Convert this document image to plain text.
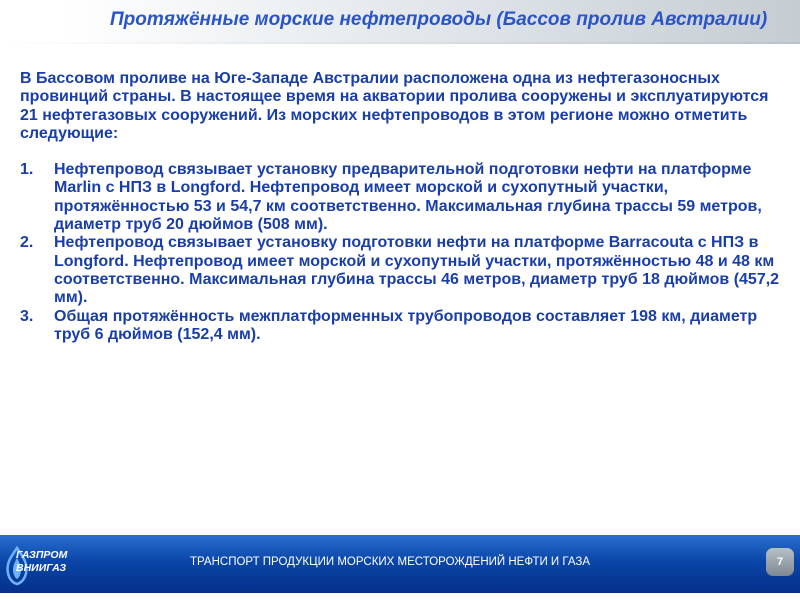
Протяжённые морские нефтепроводы (Бассов пролив Австралии)

В Бассовом проливе на Юге-Западе Австралии расположена одна из нефтегазоносных провинций страны. В настоящее время на акватории пролива сооружены и эксплуатируются 21 нефтегазовых сооружений. Из морских нефтепроводов в этом регионе можно отметить следующие:

1. Нефтепровод связывает установку предварительной подготовки нефти на платформе Marlin с НПЗ в Longford. Нефтепровод имеет морской и сухопутный участки, протяжённостью 53 и 54,7 км соответственно. Максимальная глубина трассы 59 метров, диаметр труб 20 дюймов (508 мм).
2. Нефтепровод связывает установку подготовки нефти на платформе Barracouta с НПЗ в Longford. Нефтепровод имеет морской и сухопутный участки, протяжённостью 48 и 48 км соответственно. Максимальная глубина трассы 46 метров, диаметр труб 18 дюймов (457,2 мм).
3. Общая протяжённость межплатформенных трубопроводов составляет 198 км, диаметр труб 6 дюймов (152,4 мм).
ГАЗПРОМ
ВНИИГАЗ	ТРАНСПОРТ ПРОДУКЦИИ МОРСКИХ МЕСТОРОЖДЕНИЙ НЕФТИ И ГАЗА	7
